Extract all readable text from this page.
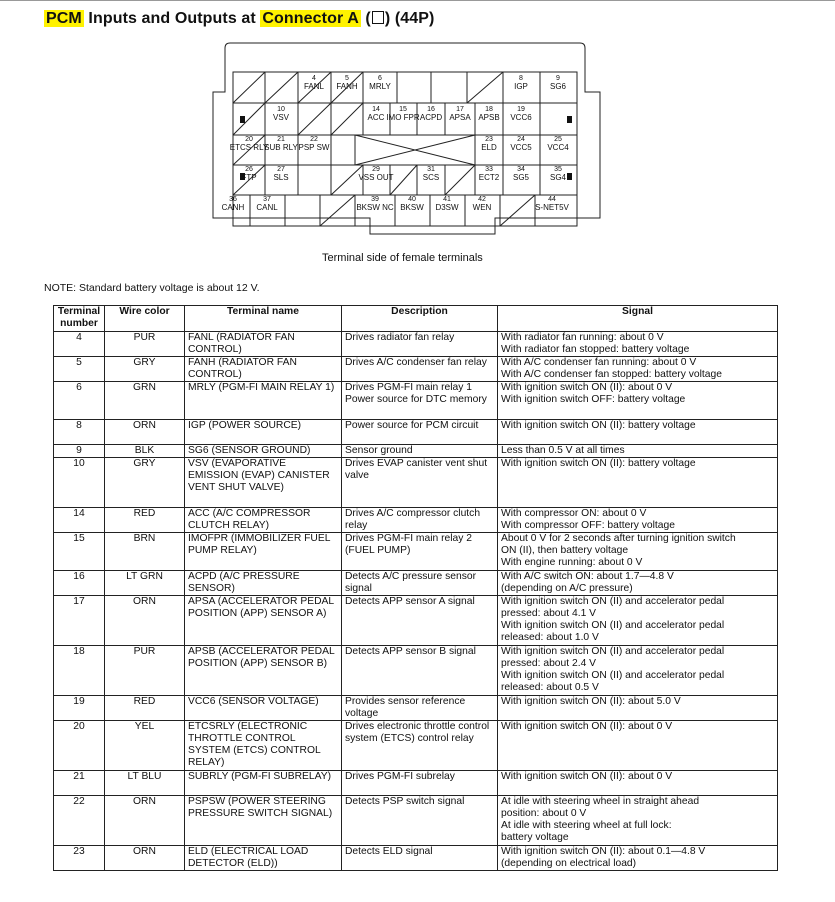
PCM Inputs and Outputs at Connector A ( ) (44P)
4
FANL
5
FANH
6
MRLY
8
IGP
9
SG6
10
VSV
14
ACC
15
IMO FPR
16
ACPD
17
APSA
18
APSB
19
VCC6
20
ETCS RLY
21
SUB RLY
22
PSP SW
23
ELD
24
VCC5
25
VCC4
26
FTP
27
SLS
29
VSS OUT
31
SCS
33
ECT2
34
SG5
35
SG4
36
CANH
37
CANL
39
BKSW NC
40
BKSW
41
D3SW
42
WEN
44
S-NET5V
Terminal side of female terminals
NOTE: Standard battery voltage is about 12 V.
Terminal number	Wire color	Terminal name	Description	Signal
4	PUR	FANL (RADIATOR FAN CONTROL)	Drives radiator fan relay	With radiator fan running: about 0 V
With radiator fan stopped: battery voltage

5	GRY	FANH (RADIATOR FAN CONTROL)	Drives A/C condenser fan relay	With A/C condenser fan running: about 0 V
With A/C condenser fan stopped: battery voltage

6	GRN	MRLY (PGM-FI MAIN RELAY 1)	Drives PGM-FI main relay 1 Power source for DTC memory	With ignition switch ON (II): about 0 V
With ignition switch OFF: battery voltage

8	ORN	IGP (POWER SOURCE)	Power source for PCM circuit	With ignition switch ON (II): battery voltage

9	BLK	SG6 (SENSOR GROUND)	Sensor ground	Less than 0.5 V at all times

10	GRY	VSV (EVAPORATIVE EMISSION (EVAP) CANISTER VENT SHUT VALVE)	Drives EVAP canister vent shut valve	With ignition switch ON (II): battery voltage

14	RED	ACC (A/C COMPRESSOR CLUTCH RELAY)	Drives A/C compressor clutch relay	With compressor ON: about 0 V
With compressor OFF: battery voltage

15	BRN	IMOFPR (IMMOBILIZER FUEL PUMP RELAY)	Drives PGM-FI main relay 2 (FUEL PUMP)	About 0 V for 2 seconds after turning ignition switch
ON (II), then battery voltage
With engine running: about 0 V

16	LT GRN	ACPD (A/C PRESSURE SENSOR)	Detects A/C pressure sensor signal	With A/C switch ON: about 1.7—4.8 V
(depending on A/C pressure)

17	ORN	APSA (ACCELERATOR PEDAL POSITION (APP) SENSOR A)	Detects APP sensor A signal	With ignition switch ON (II) and accelerator pedal
pressed: about 4.1 V
With ignition switch ON (II) and accelerator pedal
released: about 1.0 V

18	PUR	APSB (ACCELERATOR PEDAL POSITION (APP) SENSOR B)	Detects APP sensor B signal	With ignition switch ON (II) and accelerator pedal
pressed: about 2.4 V
With ignition switch ON (II) and accelerator pedal
released: about 0.5 V

19	RED	VCC6 (SENSOR VOLTAGE)	Provides sensor reference voltage	With ignition switch ON (II): about 5.0 V

20	YEL	ETCSRLY (ELECTRONIC THROTTLE CONTROL SYSTEM (ETCS) CONTROL RELAY)	Drives electronic throttle control system (ETCS) control relay	With ignition switch ON (II): about 0 V

21	LT BLU	SUBRLY (PGM-FI SUBRELAY)	Drives PGM-FI subrelay	With ignition switch ON (II): about 0 V

22	ORN	PSPSW (POWER STEERING PRESSURE SWITCH SIGNAL)	Detects PSP switch signal	At idle with steering wheel in straight ahead
position: about 0 V
At idle with steering wheel at full lock:
battery voltage

23	ORN	ELD (ELECTRICAL LOAD DETECTOR (ELD))	Detects ELD signal	With ignition switch ON (II): about 0.1—4.8 V
(depending on electrical load)
